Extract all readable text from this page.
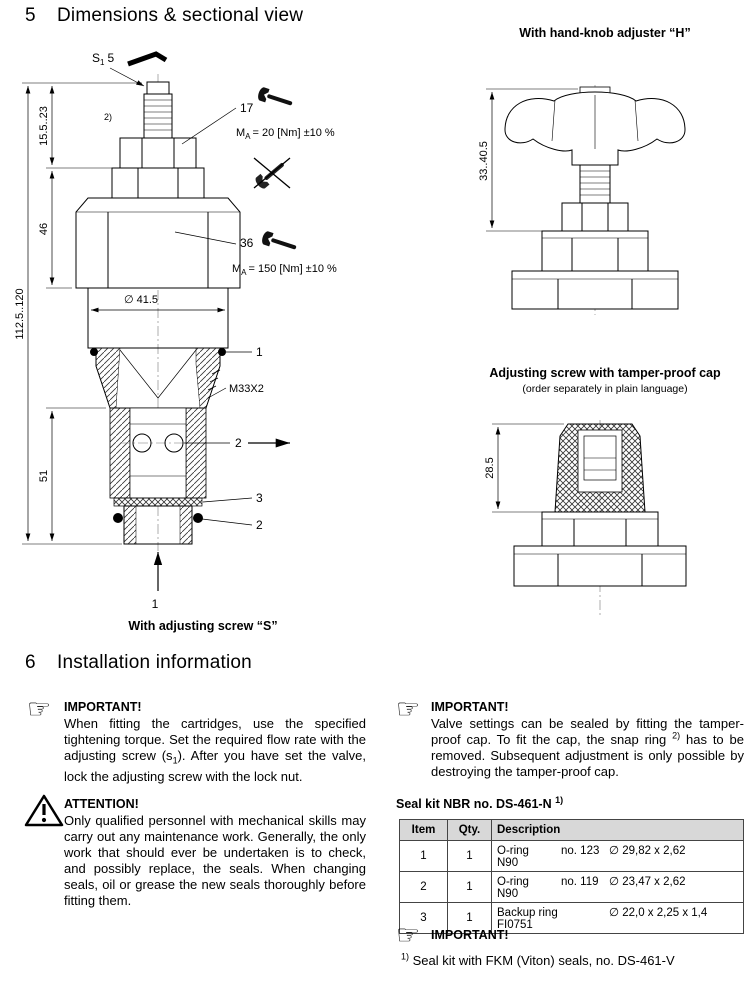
5	Dimensions & sectional view
∅ 41.5
1
With adjusting screw “S”
$S_1$ 5
2)
17
$M_A = 20$ [Nm] ±10 %
36
$M_A = 150$ [Nm] ±10 %
1
M33X2
2
3
2
112.5..120
15.5..23
46
51
With hand-knob adjuster “H”
33..40.5
Adjusting screw with tamper-proof cap
(order separately in plain language)
28.5
6	Installation information
☞ IMPORTANT!
When fitting the cartridges, use the specified tightening torque. Set the required flow rate with the adjusting screw $(s_1)$. After you have set the valve, lock the adjusting screw with the lock nut.
ATTENTION!
Only qualified personnel with mechanical skills may carry out any maintenance work. Generally, the only work that should ever be undertaken is to check, and possibly replace, the seals. When changing seals, oil or grease the new seals thoroughly before fitting them.
☞ IMPORTANT!
Valve settings can be sealed by fitting the tamper-proof cap. To fit the cap, the snap ring $^{2)}$ has to be removed. Subsequent adjustment is only possible by destroying the tamper-proof cap.
Seal kit NBR no. DS-461-N $^{1)}$
Item	Qty.	Description
1	1	O-ring no. 123 ∅ 29,82 x 2,62N90
2	1	O-ring no. 119 ∅ 23,47 x 2,62N90
3	1	Backup ring ∅ 22,0 x 2,25 x 1,4FI0751
☞ IMPORTANT!
$^{1)}$ Seal kit with FKM (Viton) seals, no. DS-461-V
